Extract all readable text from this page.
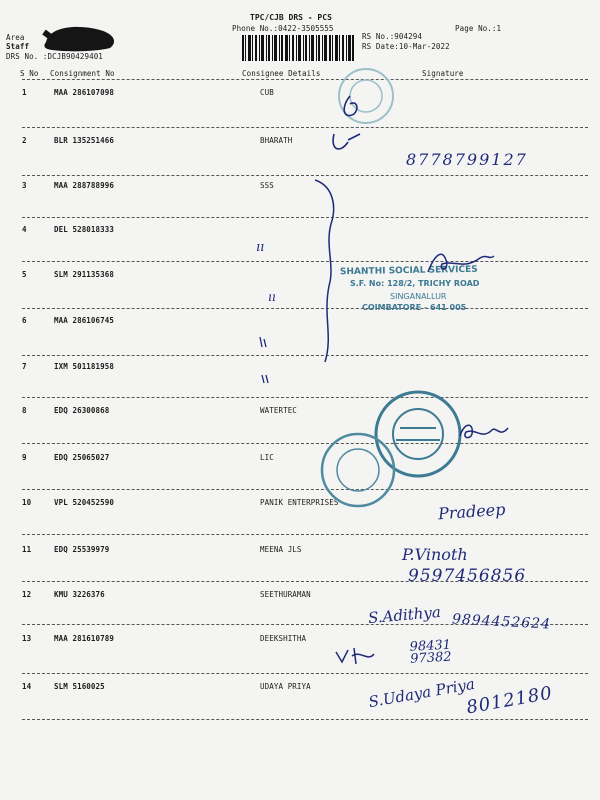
TPC/CJB DRS - PCS
Phone No.:0422-3505555	Page No.:1
RS No.:904294
RS Date:10-Mar-2022
Area
Staff
DRS No. :DCJB90429401
S No Consignment No	Consignee Details	Signature
1	MAA 286107098	CUB
2	BLR 135251466	BHARATH
3	MAA 288788996	SSS
4	DEL 528018333
5	SLM 291135368
6	MAA 286106745
7	IXM 501181958
8	EDQ 26300868	WATERTEC
9	EDQ 25065027	LIC
10	VPL 520452590	PANIK ENTERPRISES
11	EDQ 25539979	MEENA JLS
12	KMU 3226376	SEETHURAMAN
13	MAA 281610789	DEEKSHITHA
14	SLM 5160025	UDAYA PRIYA
SHANTHI SOCIAL SERVICES
S.F. No: 128/2, TRICHY ROAD
SINGANALLUR
COIMBATORE - 641 005
8778799127
ıı
ıı
Pradeep
P.Vinoth
9597456856
S.Adithya 9894452624
98431 97382
S.Udaya Priya
8012180
